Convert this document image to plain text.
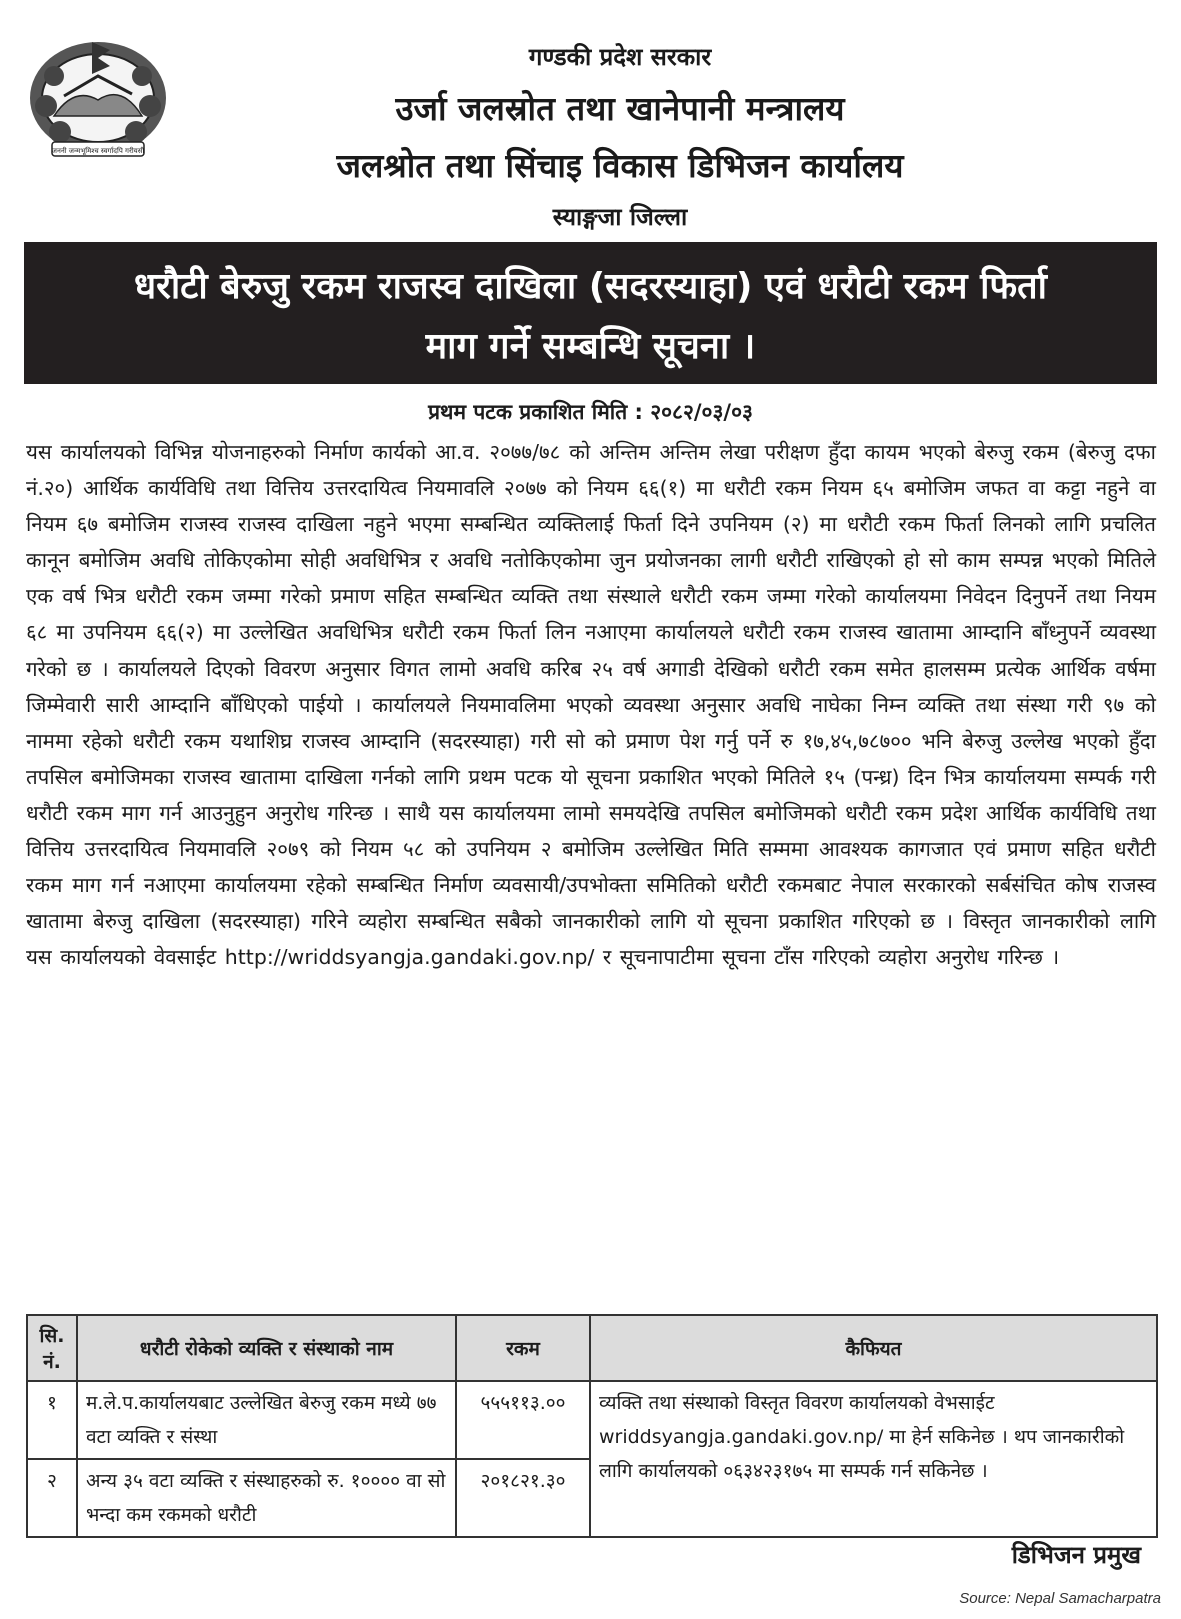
जननी जन्मभूमिश्च स्वर्गादपि गरीयसी
गण्डकी प्रदेश सरकार
उर्जा जलस्रोत तथा खानेपानी मन्त्रालय
जलश्रोत तथा सिंचाइ विकास डिभिजन कार्यालय
स्याङ्गजा जिल्ला
धरौटी बेरुजु रकम राजस्व दाखिला (सदरस्याहा) एवं धरौटी रकम फिर्ता
माग गर्ने सम्बन्धि सूचना ।
प्रथम पटक प्रकाशित मिति : २०८२/०३/०३
यस कार्यालयको विभिन्न योजनाहरुको निर्माण कार्यको आ.व. २०७७/७८ को अन्तिम अन्तिम लेखा परीक्षण हुँदा कायम भएको बेरुजु रकम (बेरुजु दफा नं.२०) आर्थिक कार्यविधि तथा वित्तिय उत्तरदायित्व नियमावलि २०७७ को नियम ६६(१) मा धरौटी रकम नियम ६५ बमोजिम जफत वा कट्टा नहुने वा नियम ६७ बमोजिम राजस्व राजस्व दाखिला नहुने भएमा सम्बन्धित व्यक्तिलाई फिर्ता दिने उपनियम (२) मा धरौटी रकम फिर्ता लिनको लागि प्रचलित कानून बमोजिम अवधि तोकिएकोमा सोही अवधिभित्र र अवधि नतोकिएकोमा जुन प्रयोजनका लागी धरौटी राखिएको हो सो काम सम्पन्न भएको मितिले एक वर्ष भित्र धरौटी रकम जम्मा गरेको प्रमाण सहित सम्बन्धित व्यक्ति तथा संस्थाले धरौटी रकम जम्मा गरेको कार्यालयमा निवेदन दिनुपर्ने तथा नियम ६८ मा उपनियम ६६(२) मा उल्लेखित अवधिभित्र धरौटी रकम फिर्ता लिन नआएमा कार्यालयले धरौटी रकम राजस्व खातामा आम्दानि बाँध्नुपर्ने व्यवस्था गरेको छ । कार्यालयले दिएको विवरण अनुसार विगत लामो अवधि करिब २५ वर्ष अगाडी देखिको धरौटी रकम समेत हालसम्म प्रत्येक आर्थिक वर्षमा जिम्मेवारी सारी आम्दानि बाँधिएको पाईयो । कार्यालयले नियमावलिमा भएको व्यवस्था अनुसार अवधि नाघेका निम्न व्यक्ति तथा संस्था गरी ९७ को नाममा रहेको धरौटी रकम यथाशिघ्र राजस्व आम्दानि (सदरस्याहा) गरी सो को प्रमाण पेश गर्नु पर्ने रु १७,४५,७८७०० भनि बेरुजु उल्लेख भएको हुँदा तपसिल बमोजिमका राजस्व खातामा दाखिला गर्नको लागि प्रथम पटक यो सूचना प्रकाशित भएको मितिले १५ (पन्ध्र) दिन भित्र कार्यालयमा सम्पर्क गरी धरौटी रकम माग गर्न आउनुहुन अनुरोध गरिन्छ । साथै यस कार्यालयमा लामो समयदेखि तपसिल बमोजिमको धरौटी रकम प्रदेश आर्थिक कार्यविधि तथा वित्तिय उत्तरदायित्व नियमावलि २०७९ को नियम ५८ को उपनियम २ बमोजिम उल्लेखित मिति सम्ममा आवश्यक कागजात एवं प्रमाण सहित धरौटी रकम माग गर्न नआएमा कार्यालयमा रहेको सम्बन्धित निर्माण व्यवसायी/उपभोक्ता समितिको धरौटी रकमबाट नेपाल सरकारको सर्बसंचित कोष राजस्व खातामा बेरुजु दाखिला (सदरस्याहा) गरिने व्यहोरा सम्बन्धित सबैको जानकारीको लागि यो सूचना प्रकाशित गरिएको छ । विस्तृत जानकारीको लागि यस कार्यालयको वेवसाईट http://wriddsyangja.gandaki.gov.np/ र सूचनापाटीमा सूचना टाँस गरिएको व्यहोरा अनुरोध गरिन्छ ।
सि. नं.	धरौटी रोकेको व्यक्ति र संस्थाको नाम	रकम	कैफियत
१	म.ले.प.कार्यालयबाट उल्लेखित बेरुजु रकम मध्ये ७७ वटा व्यक्ति र संस्था	५५५११३.००	व्यक्ति तथा संस्थाको विस्तृत विवरण कार्यालयको वेभसाईट wriddsyangja.gandaki.gov.np/ मा हेर्न सकिनेछ । थप जानकारीको लागि कार्यालयको ०६३४२३१७५ मा सम्पर्क गर्न सकिनेछ ।
२	अन्य ३५ वटा व्यक्ति र संस्थाहरुको रु. १०००० वा सो भन्दा कम रकमको धरौटी	२०१८२१.३०	
डिभिजन प्रमुख
Source: Nepal Samacharpatra
